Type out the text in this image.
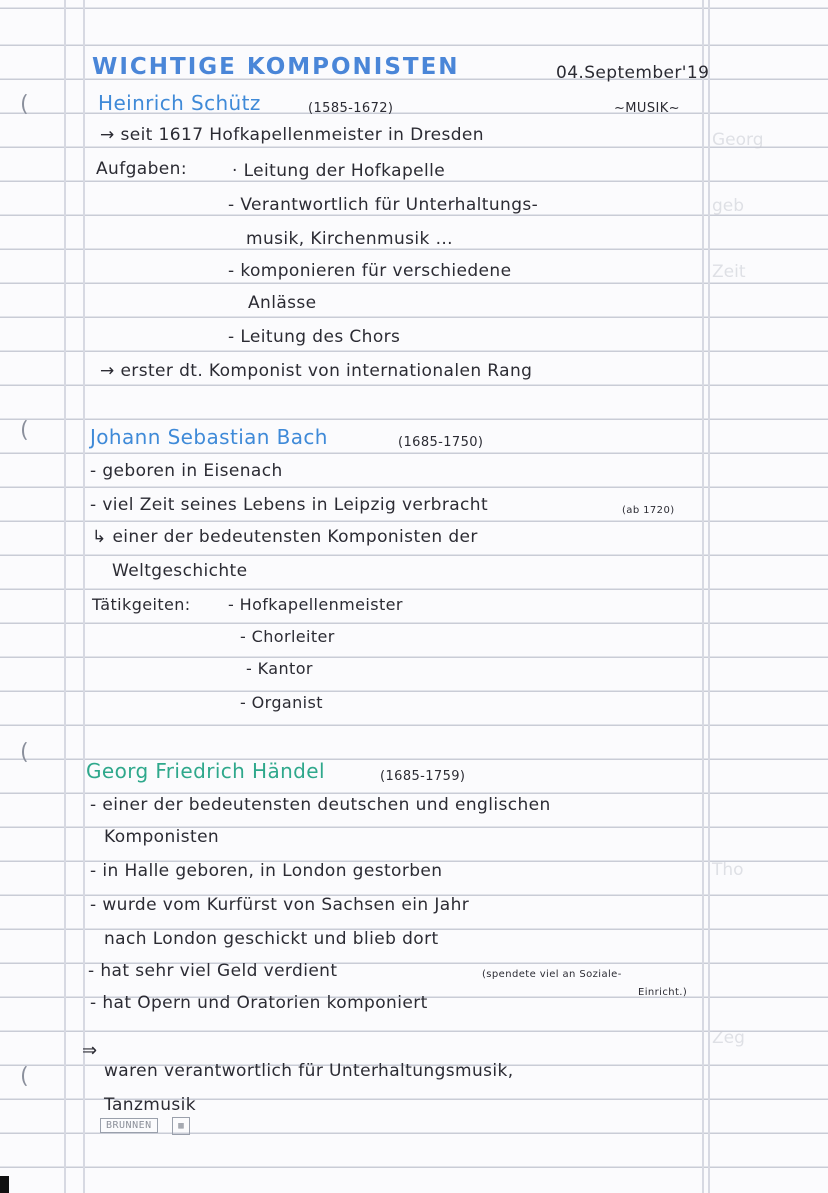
Georg
geb
Zeit
Tho
Zeg
WICHTIGE KOMPONISTEN	04.September'19
~MUSIK~
Heinrich Schütz	(1585-1672)
→ seit 1617 Hofkapellenmeister in Dresden
Aufgaben:	· Leitung der Hofkapelle
- Verantwortlich für Unterhaltungs-
musik, Kirchenmusik ...
- komponieren für verschiedene
Anlässe
- Leitung des Chors
→ erster dt. Komponist von internationalen Rang
Johann Sebastian Bach	(1685-1750)
- geboren in Eisenach
- viel Zeit seines Lebens in Leipzig verbracht	(ab 1720)
↳ einer der bedeutensten Komponisten der
Weltgeschichte
Tätikgeiten: - Hofkapellenmeister
- Chorleiter
- Kantor
- Organist
Georg Friedrich Händel	(1685-1759)
- einer der bedeutensten deutschen und englischen
Komponisten
- in Halle geboren, in London gestorben
- wurde vom Kurfürst von Sachsen ein Jahr
nach London geschickt und blieb dort
- hat sehr viel Geld verdient	(spendete viel an Soziale-
Einricht.)
- hat Opern und Oratorien komponiert
⇒
waren verantwortlich für Unterhaltungsmusik,
Tanzmusik
BRUNNEN	▦
